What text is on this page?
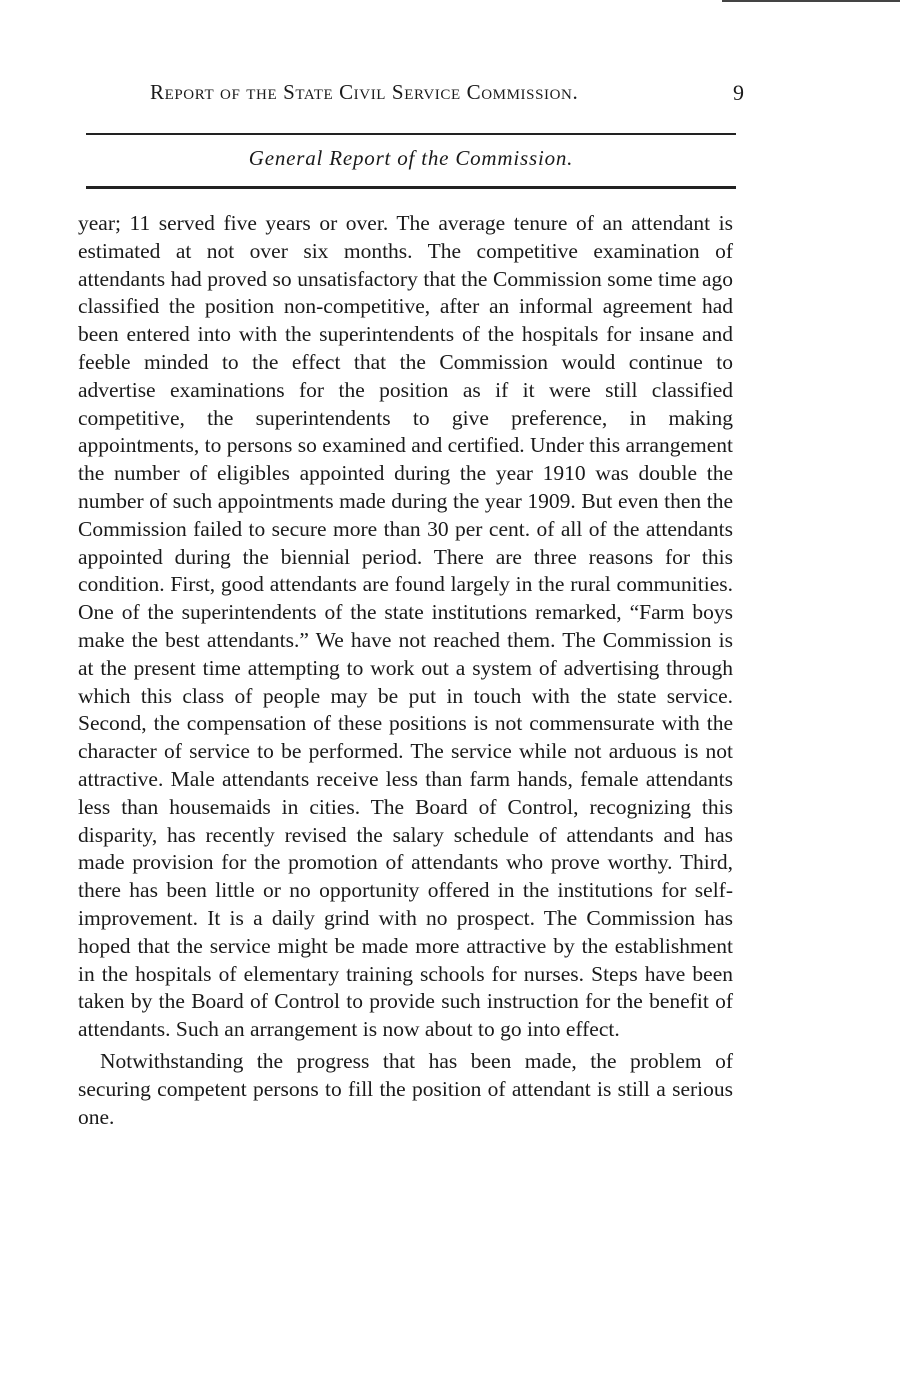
Report of the State Civil Service Commission.	9
General Report of the Commission.

year; 11 served five years or over. The average tenure of an attendant is estimated at not over six months. The competitive examination of attendants had proved so unsatisfactory that the Commission some time ago classified the position non-competitive, after an informal agreement had been entered into with the superintendents of the hospitals for insane and feeble minded to the effect that the Commission would continue to advertise examinations for the position as if it were still classified competitive, the superintendents to give preference, in making appointments, to persons so examined and certified. Under this arrangement the number of eligibles appointed during the year 1910 was double the number of such appointments made during the year 1909. But even then the Commission failed to secure more than 30 per cent. of all of the attendants appointed during the biennial period. There are three reasons for this condition. First, good attendants are found largely in the rural communities. One of the superintendents of the state institutions remarked, “Farm boys make the best attendants.” We have not reached them. The Commission is at the present time attempting to work out a system of advertising through which this class of people may be put in touch with the state service. Second, the compensation of these positions is not commensurate with the character of service to be performed. The service while not arduous is not attractive. Male attendants receive less than farm hands, female attendants less than housemaids in cities. The Board of Control, recognizing this disparity, has recently revised the salary schedule of attendants and has made provision for the promotion of attendants who prove worthy. Third, there has been little or no opportunity offered in the institutions for self-improvement. It is a daily grind with no prospect. The Commission has hoped that the service might be made more attractive by the establishment in the hospitals of elementary training schools for nurses. Steps have been taken by the Board of Control to provide such instruction for the benefit of attendants. Such an arrangement is now about to go into effect.

Notwithstanding the progress that has been made, the problem of securing competent persons to fill the position of attendant is still a serious one.
